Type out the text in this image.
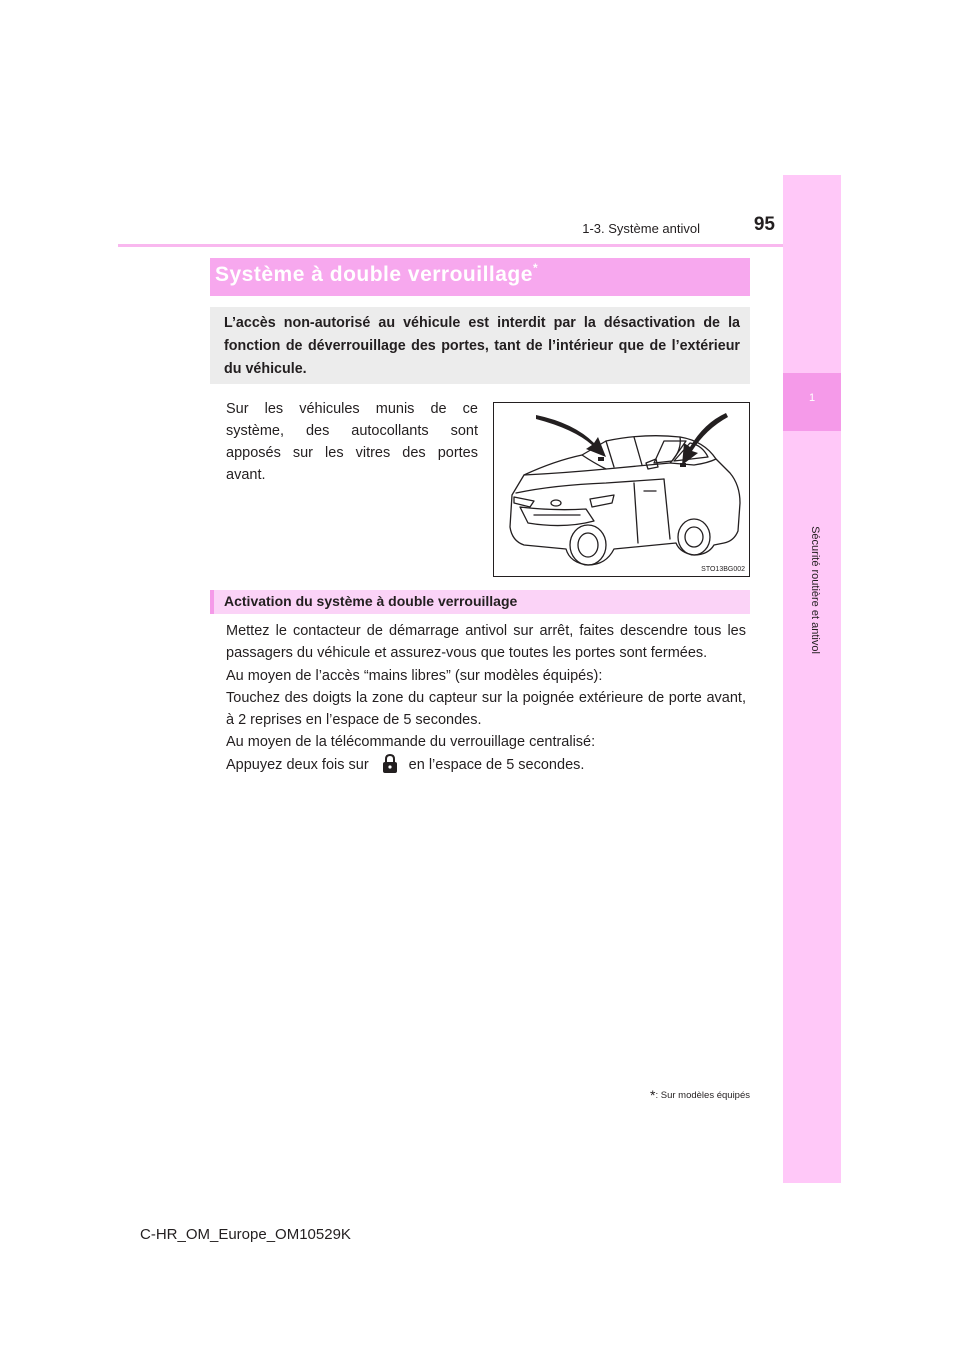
1-3. Système antivol	95
1
Sécurité routière et antivol
Système à double verrouillage*
L’accès non-autorisé au véhicule est interdit par la désactivation de la fonction de déverrouillage des portes, tant de l’intérieur que de l’extérieur du véhicule.
Sur les véhicules munis de ce système, des autocollants sont apposés sur les vitres des portes avant.
STO13BG002
Activation du système à double verrouillage
Mettez le contacteur de démarrage antivol sur arrêt, faites descendre tous les passagers du véhicule et assurez-vous que toutes les portes sont fermées.
Au moyen de l’accès “mains libres” (sur modèles équipés):
Touchez des doigts la zone du capteur sur la poignée extérieure de porte avant, à 2 reprises en l’espace de 5 secondes.
Au moyen de la télécommande du verrouillage centralisé:
Appuyez deux fois sur	en l’espace de 5 secondes.
*: Sur modèles équipés
C-HR_OM_Europe_OM10529K
